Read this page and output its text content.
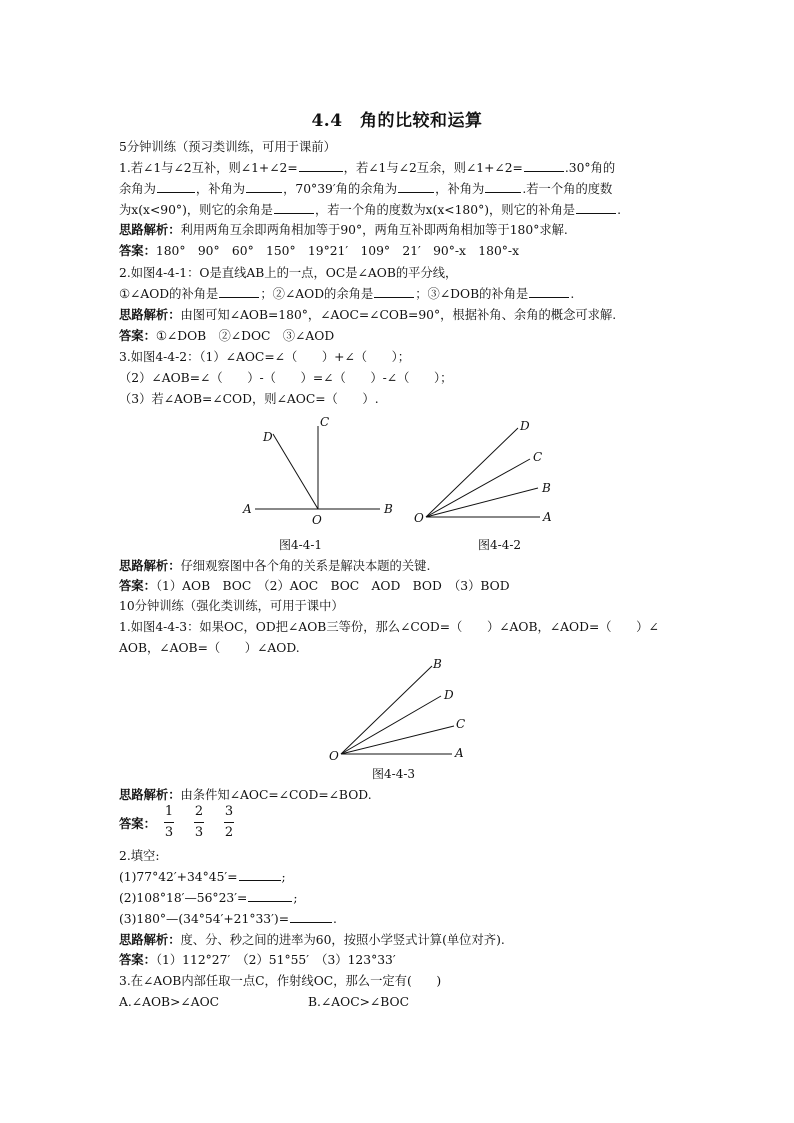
4.4　角的比较和运算
5分钟训练（预习类训练，可用于课前）
1.若∠1与∠2互补，则∠1+∠2=	，若∠1与∠2互余，则∠1+∠2=	.30°角的
余角为	，补角为	，70°39′角的余角为	，补角为	.若一个角的度数
为x(x<90°)，则它的余角是	，若一个角的度数为x(x<180°)，则它的补角是	.
思路解析：利用两角互余即两角相加等于90°，两角互补即两角相加等于180°求解.
答案：180°　90°　60°　150°　19°21′　109°　21′　90°-x　180°-x
2.如图4-4-1：O是直线AB上的一点，OC是∠AOB的平分线，
①∠AOD的补角是	；②∠AOD的余角是	；③∠DOB的补角是	.
思路解析：由图可知∠AOB=180°，∠AOC=∠COB=90°，根据补角、余角的概念可求解.
答案：①∠DOB　②∠DOC　③∠AOD
3.如图4-4-2：（1）∠AOC=∠（　　）+∠（　　）；
（2）∠AOB=∠（　　）-（　　）=∠（　　）-∠（　　）；
（3）若∠AOB=∠COD，则∠AOC=（　　）.
A	B
C
D
O	O	A
B
C
D
图4-4-1	图4-4-2
思路解析：仔细观察图中各个角的关系是解决本题的关键.
答案：（1）AOB　BOC　（2）AOC　BOC　AOD　BOD　（3）BOD
10分钟训练（强化类训练，可用于课中）
1.如图4-4-3：如果OC，OD把∠AOB三等份，那么∠COD=（　　）∠AOB，∠AOD=（　　）∠
AOB，∠AOB=（　　）∠AOD.
O	A
C
D
B
图4-4-3
思路解析：由条件知∠AOC=∠COD=∠BOD.
答案：
1
3
2
3
3
2
2.填空:
(1)77°42′+34°45′=	;
(2)108°18′—56°23′=	;
(3)180°—(34°54′+21°33′)=	.
思路解析：度、分、秒之间的进率为60，按照小学竖式计算(单位对齐).
答案：（1）112°27′　（2）51°55′　（3）123°33′
3.在∠AOB内部任取一点C，作射线OC，那么一定有(　　)
A.∠AOB>∠AOC	B.∠AOC>∠BOC
